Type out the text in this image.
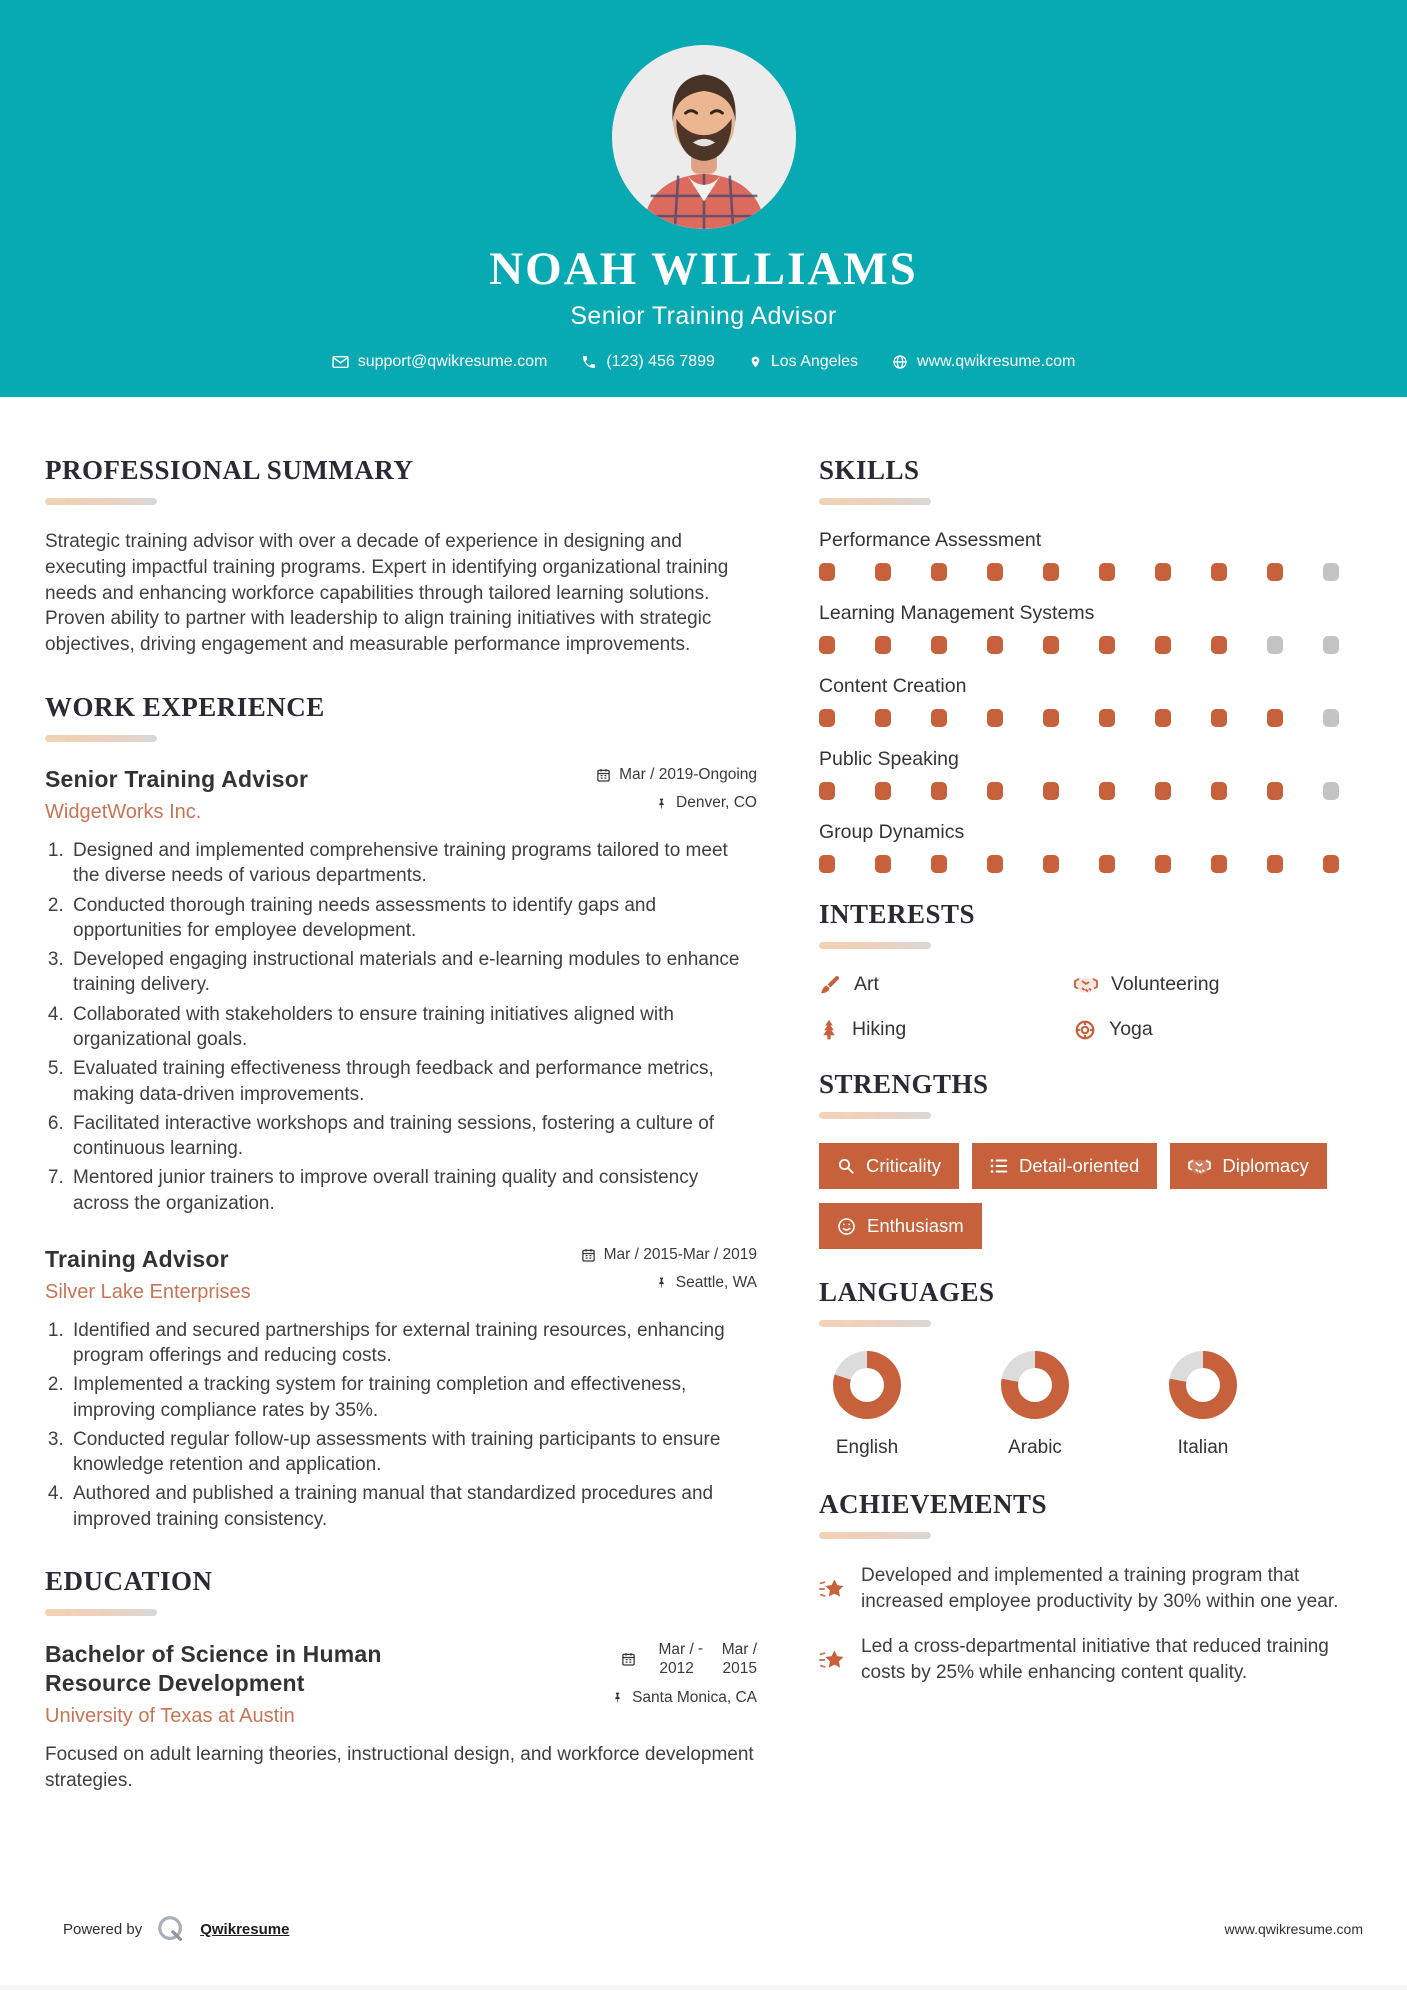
NOAH WILLIAMS
Senior Training Advisor
support@qwikresume.com	(123) 456 7899	Los Angeles	www.qwikresume.com
PROFESSIONAL SUMMARY

Strategic training advisor with over a decade of experience in designing and executing impactful training programs. Expert in identifying organizational training needs and enhancing workforce capabilities through tailored learning solutions. Proven ability to partner with leadership to align training initiatives with strategic objectives, driving engagement and measurable performance improvements.

WORK EXPERIENCE
Senior Training Advisor
WidgetWorks Inc.
Mar / 2019-Ongoing
Denver, CO
1. Designed and implemented comprehensive training programs tailored to meet the diverse needs of various departments.
2. Conducted thorough training needs assessments to identify gaps and opportunities for employee development.
3. Developed engaging instructional materials and e-learning modules to enhance training delivery.
4. Collaborated with stakeholders to ensure training initiatives aligned with organizational goals.
5. Evaluated training effectiveness through feedback and performance metrics, making data-driven improvements.
6. Facilitated interactive workshops and training sessions, fostering a culture of continuous learning.
7. Mentored junior trainers to improve overall training quality and consistency across the organization.
Training Advisor
Silver Lake Enterprises
Mar / 2015-Mar / 2019
Seattle, WA
1. Identified and secured partnerships for external training resources, enhancing program offerings and reducing costs.
2. Implemented a tracking system for training completion and effectiveness, improving compliance rates by 35%.
3. Conducted regular follow-up assessments with training participants to ensure knowledge retention and application.
4. Authored and published a training manual that standardized procedures and improved training consistency.
EDUCATION
Bachelor of Science in Human Resource Development
University of Texas at Austin
Mar / 2012
-	Mar / 2015
Santa Monica, CA

Focused on adult learning theories, instructional design, and workforce development strategies.

SKILLS
Performance Assessment
Learning Management Systems
Content Creation
Public Speaking
Group Dynamics
INTERESTS
Art	Volunteering
Hiking	Yoga
STRENGTHS
Criticality	Detail-oriented	Diplomacy
Enthusiasm
LANGUAGES
English	Arabic	Italian
ACHIEVEMENTS
Developed and implemented a training program that increased employee productivity by 30% within one year.
Led a cross-departmental initiative that reduced training costs by 25% while enhancing content quality.
Powered by	Qwikresume	www.qwikresume.com
